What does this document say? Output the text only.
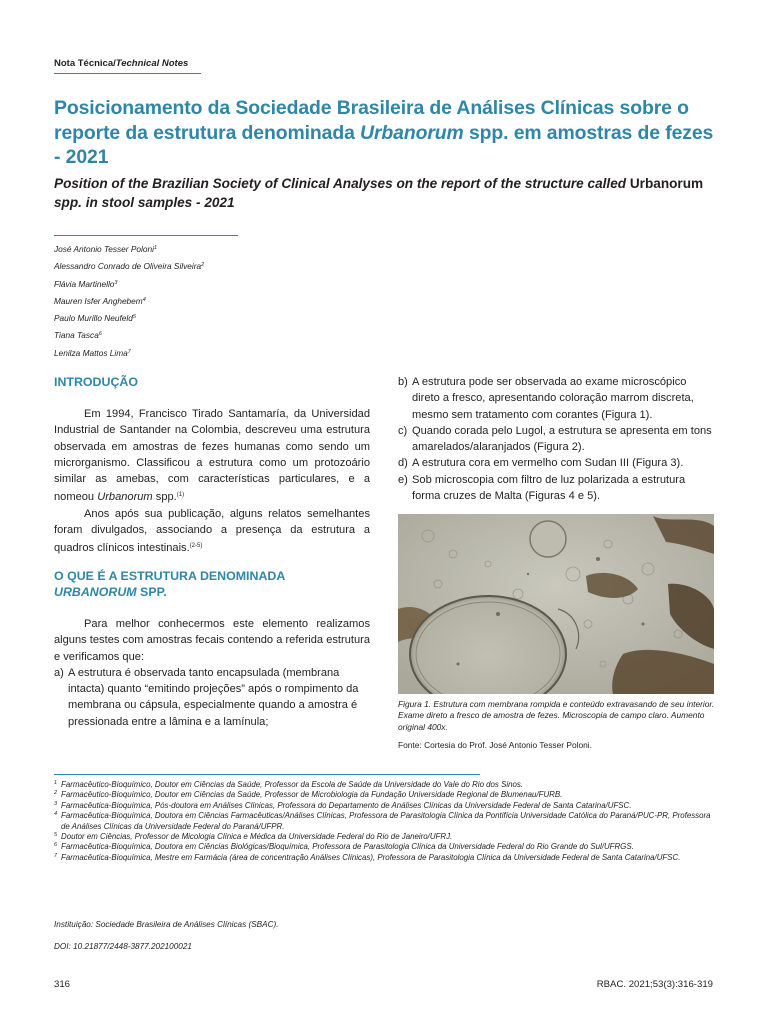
Nota Técnica/Technical Notes
Posicionamento da Sociedade Brasileira de Análises Clínicas sobre o reporte da estrutura denominada Urbanorum spp. em amostras de fezes - 2021
Position of the Brazilian Society of Clinical Analyses on the report of the structure called Urbanorum spp. in stool samples - 2021
José Antonio Tesser Poloni$^1$
Alessandro Conrado de Oliveira Silveira$^2$
Flávia Martinello$^3$
Mauren Isfer Anghebem$^4$
Paulo Murillo Neufeld$^5$
Tiana Tasca$^6$
Lenilza Mattos Lima$^7$
INTRODUÇÃO

Em 1994, Francisco Tirado Santamaría, da Universidad Industrial de Santander na Colombia, descreveu uma estrutura observada em amostras de fezes humanas como sendo um microrganismo. Classificou a estrutura como um protozoário similar as amebas, com características particulares, e a nomeou Urbanorum spp.$^{(1)}$

Anos após sua publicação, alguns relatos semelhantes foram divulgados, associando a presença da estrutura a quadros clínicos intestinais.$^{(2-5)}$

O QUE É A ESTRUTURA DENOMINADA
URBANORUM SPP.

Para melhor conhecermos este elemento realizamos alguns testes com amostras fecais contendo a referida estrutura e verificamos que:

a) A estrutura é observada tanto encapsulada (membrana intacta) quanto “emitindo projeções” após o rompimento da membrana ou cápsula, especialmente quando a amostra é pressionada entre a lâmina e a lamínula;
b) A estrutura pode ser observada ao exame microscópico direto a fresco, apresentando coloração marrom discreta, mesmo sem tratamento com corantes (Figura 1).
c) Quando corada pelo Lugol, a estrutura se apresenta em tons amarelados/alaranjados (Figura 2).
d) A estrutura cora em vermelho com Sudan III (Figura 3).
e) Sob microscopia com filtro de luz polarizada a estrutura forma cruzes de Malta (Figuras 4 e 5).
Figura 1. Estrutura com membrana rompida e conteúdo extravasando de seu interior. Exame direto a fresco de amostra de fezes. Microscopia de campo claro. Aumento original 400x.
Fonte: Cortesia do Prof. José Antonio Tesser Poloni.
1 Farmacêutico-Bioquímico, Doutor em Ciências da Saúde, Professor da Escola de Saúde da Universidade do Vale do Rio dos Sinos.
2 Farmacêutico-Bioquímico, Doutor em Ciências da Saúde, Professor de Microbiologia da Fundação Universidade Regional de Blumenau/FURB.
3 Farmacêutica-Bioquímica, Pós-doutora em Análises Clínicas, Professora do Departamento de Análises Clínicas da Universidade Federal de Santa Catarina/UFSC.
4 Farmacêutica-Bioquímica, Doutora em Ciências Farmacêuticas/Análises Clínicas, Professora de Parasitologia Clínica da Pontifícia Universidade Católica do Paraná/PUC-PR, Professora de Análises Clínicas da Universidade Federal do Paraná/UFPR.
5 Doutor em Ciências, Professor de Micologia Clínica e Médica da Universidade Federal do Rio de Janeiro/UFRJ.
6 Farmacêutica-Bioquímica, Doutora em Ciências Biológicas/Bioquímica, Professora de Parasitologia Clínica da Universidade Federal do Rio Grande do Sul/UFRGS.
7 Farmacêutica-Bioquímica, Mestre em Farmácia (área de concentração Análises Clínicas), Professora de Parasitologia Clínica da Universidade Federal de Santa Catarina/UFSC.
Instituição: Sociedade Brasileira de Análises Clínicas (SBAC).
DOI: 10.21877/2448-3877.202100021
316	RBAC. 2021;53(3):316-319
